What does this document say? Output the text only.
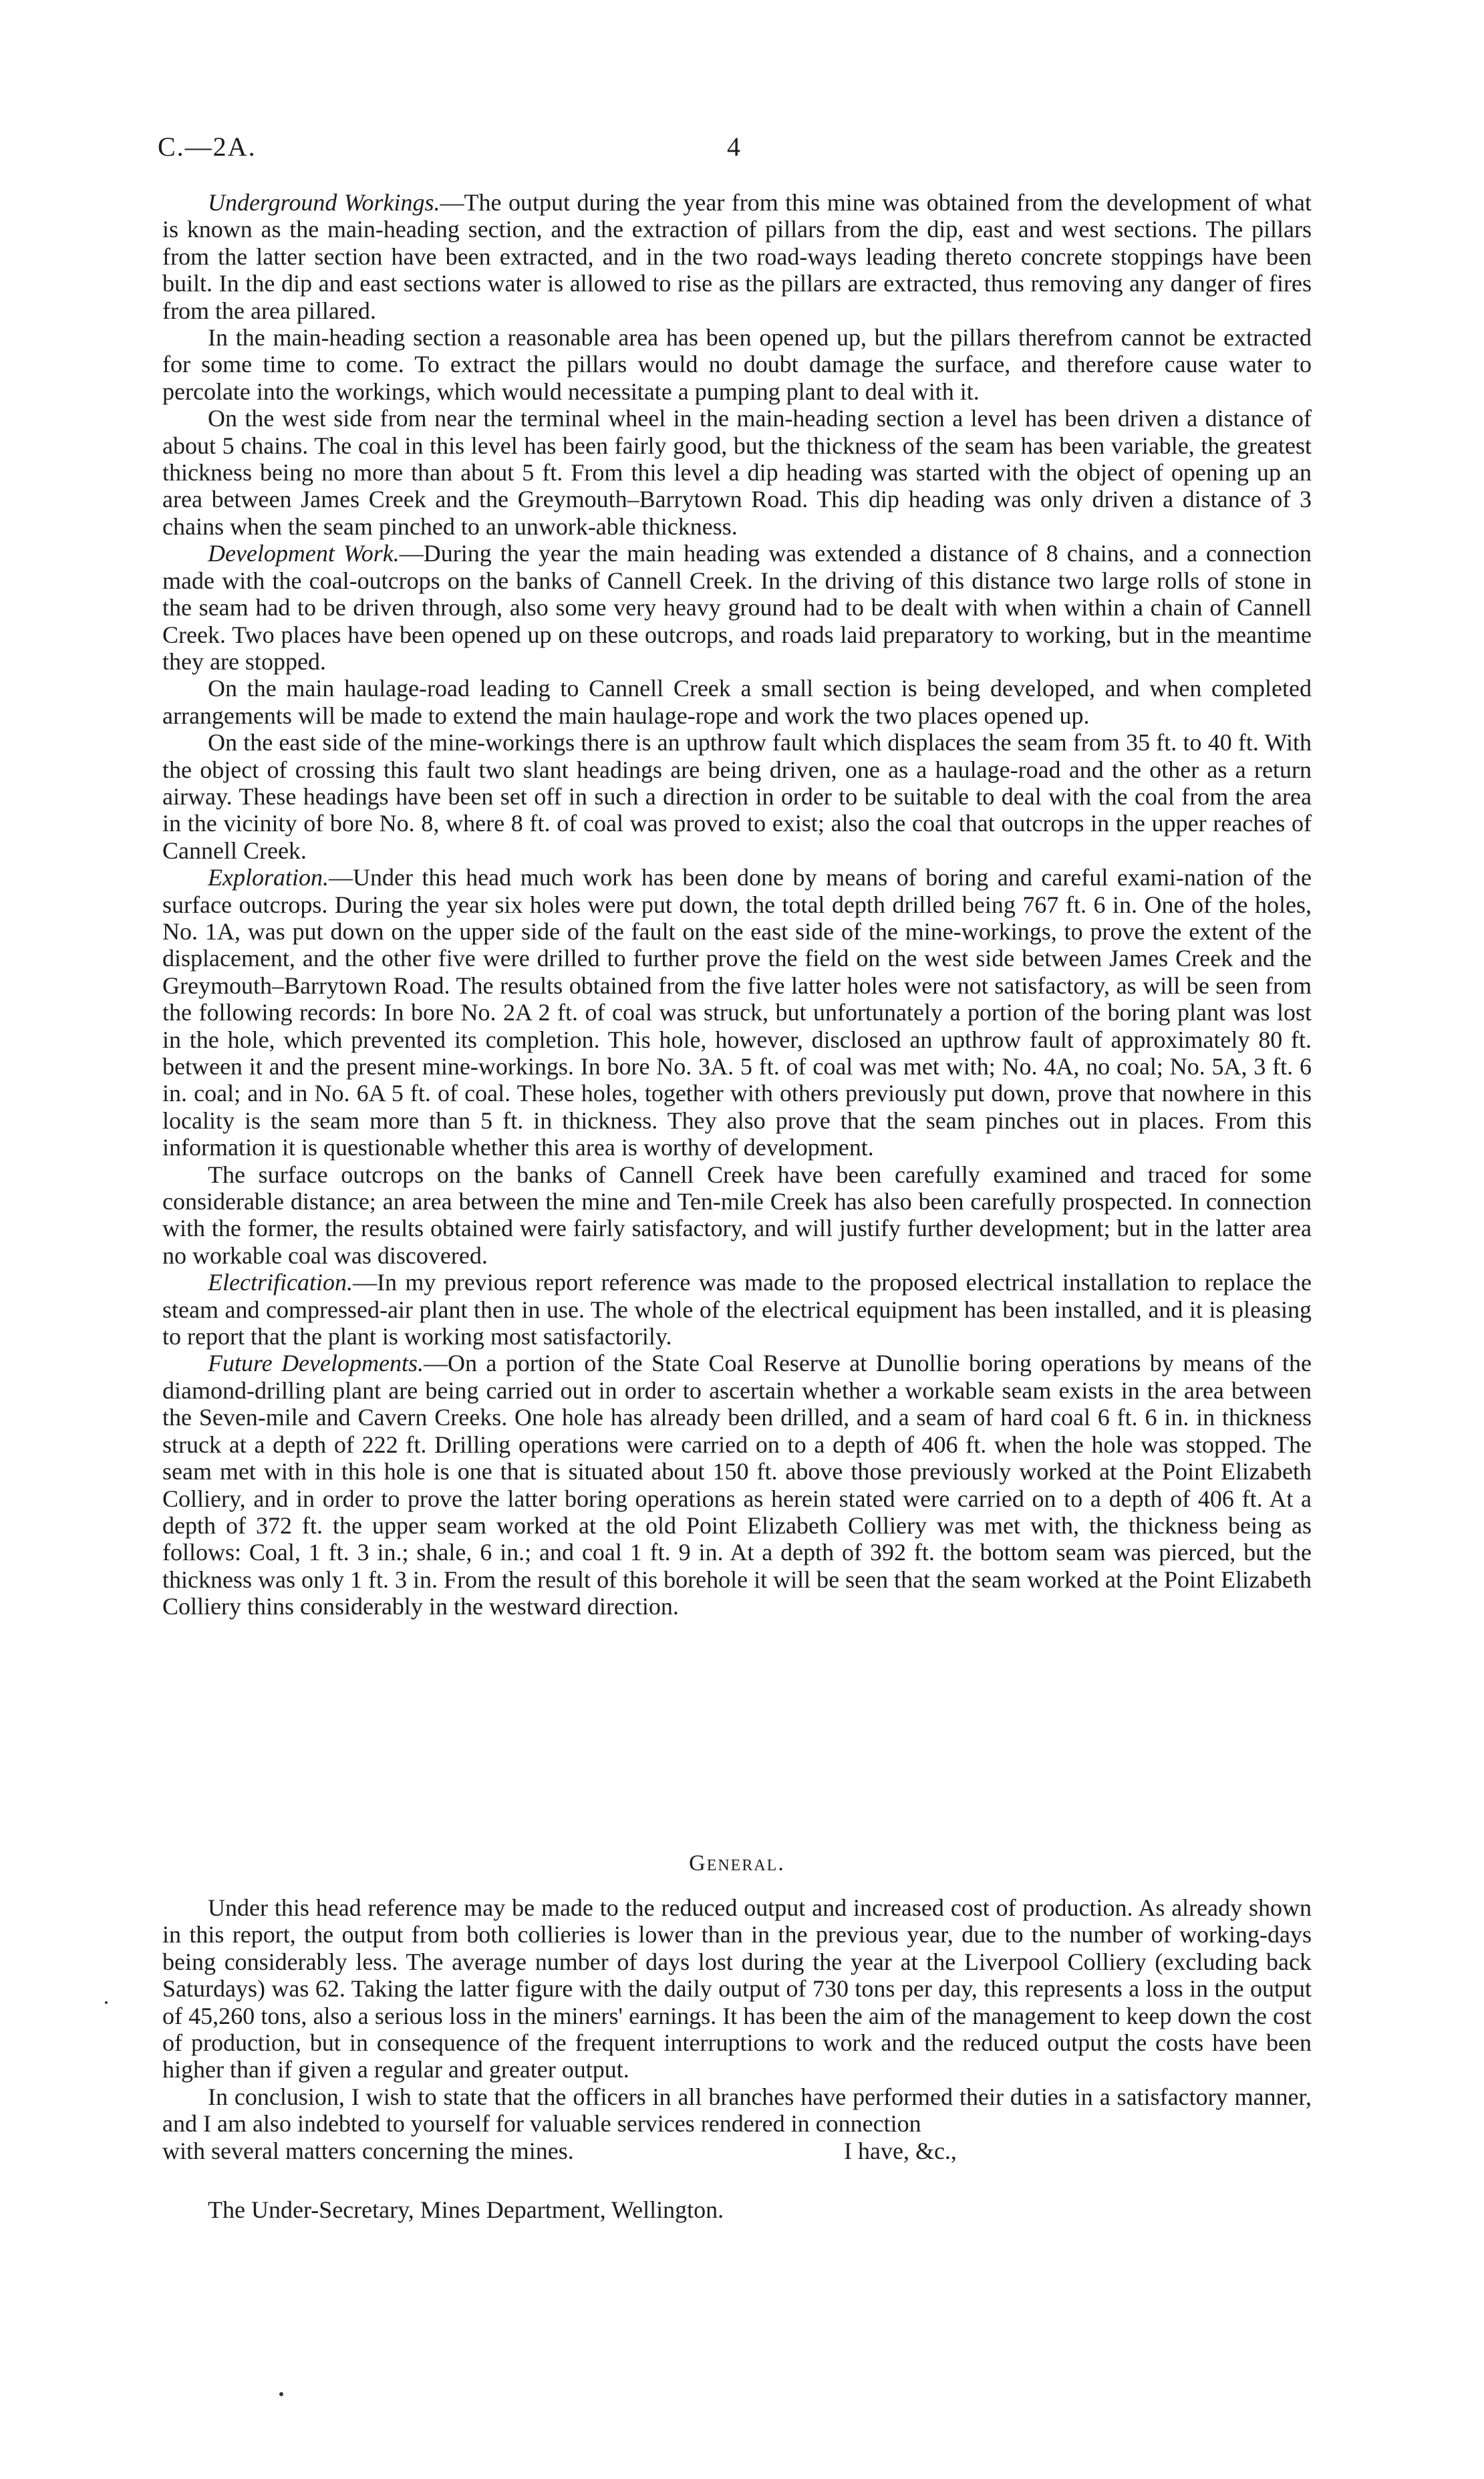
C.—2A.	4

Underground Workings.—The output during the year from this mine was obtained from the development of what is known as the main-heading section, and the extraction of pillars from the dip, east and west sections. The pillars from the latter section have been extracted, and in the two road-ways leading thereto concrete stoppings have been built. In the dip and east sections water is allowed to rise as the pillars are extracted, thus removing any danger of fires from the area pillared.

In the main-heading section a reasonable area has been opened up, but the pillars therefrom cannot be extracted for some time to come. To extract the pillars would no doubt damage the surface, and therefore cause water to percolate into the workings, which would necessitate a pumping plant to deal with it.

On the west side from near the terminal wheel in the main-heading section a level has been driven a distance of about 5 chains. The coal in this level has been fairly good, but the thickness of the seam has been variable, the greatest thickness being no more than about 5 ft. From this level a dip heading was started with the object of opening up an area between James Creek and the Greymouth–Barrytown Road. This dip heading was only driven a distance of 3 chains when the seam pinched to an unwork-able thickness.

Development Work.—During the year the main heading was extended a distance of 8 chains, and a connection made with the coal-outcrops on the banks of Cannell Creek. In the driving of this distance two large rolls of stone in the seam had to be driven through, also some very heavy ground had to be dealt with when within a chain of Cannell Creek. Two places have been opened up on these outcrops, and roads laid preparatory to working, but in the meantime they are stopped.

On the main haulage-road leading to Cannell Creek a small section is being developed, and when completed arrangements will be made to extend the main haulage-rope and work the two places opened up.

On the east side of the mine-workings there is an upthrow fault which displaces the seam from 35 ft. to 40 ft. With the object of crossing this fault two slant headings are being driven, one as a haulage-road and the other as a return airway. These headings have been set off in such a direction in order to be suitable to deal with the coal from the area in the vicinity of bore No. 8, where 8 ft. of coal was proved to exist; also the coal that outcrops in the upper reaches of Cannell Creek.

Exploration.—Under this head much work has been done by means of boring and careful exami-nation of the surface outcrops. During the year six holes were put down, the total depth drilled being 767 ft. 6 in. One of the holes, No. 1A, was put down on the upper side of the fault on the east side of the mine-workings, to prove the extent of the displacement, and the other five were drilled to further prove the field on the west side between James Creek and the Greymouth–Barrytown Road. The results obtained from the five latter holes were not satisfactory, as will be seen from the following records: In bore No. 2A 2 ft. of coal was struck, but unfortunately a portion of the boring plant was lost in the hole, which prevented its completion. This hole, however, disclosed an upthrow fault of approximately 80 ft. between it and the present mine-workings. In bore No. 3A. 5 ft. of coal was met with; No. 4A, no coal; No. 5A, 3 ft. 6 in. coal; and in No. 6A 5 ft. of coal. These holes, together with others previously put down, prove that nowhere in this locality is the seam more than 5 ft. in thickness. They also prove that the seam pinches out in places. From this information it is questionable whether this area is worthy of development.

The surface outcrops on the banks of Cannell Creek have been carefully examined and traced for some considerable distance; an area between the mine and Ten-mile Creek has also been carefully prospected. In connection with the former, the results obtained were fairly satisfactory, and will justify further development; but in the latter area no workable coal was discovered.

Electrification.—In my previous report reference was made to the proposed electrical installation to replace the steam and compressed-air plant then in use. The whole of the electrical equipment has been installed, and it is pleasing to report that the plant is working most satisfactorily.

Future Developments.—On a portion of the State Coal Reserve at Dunollie boring operations by means of the diamond-drilling plant are being carried out in order to ascertain whether a workable seam exists in the area between the Seven-mile and Cavern Creeks. One hole has already been drilled, and a seam of hard coal 6 ft. 6 in. in thickness struck at a depth of 222 ft. Drilling operations were carried on to a depth of 406 ft. when the hole was stopped. The seam met with in this hole is one that is situated about 150 ft. above those previously worked at the Point Elizabeth Colliery, and in order to prove the latter boring operations as herein stated were carried on to a depth of 406 ft. At a depth of 372 ft. the upper seam worked at the old Point Elizabeth Colliery was met with, the thickness being as follows: Coal, 1 ft. 3 in.; shale, 6 in.; and coal 1 ft. 9 in. At a depth of 392 ft. the bottom seam was pierced, but the thickness was only 1 ft. 3 in. From the result of this borehole it will be seen that the seam worked at the Point Elizabeth Colliery thins considerably in the westward direction.

General.

Under this head reference may be made to the reduced output and increased cost of production. As already shown in this report, the output from both collieries is lower than in the previous year, due to the number of working-days being considerably less. The average number of days lost during the year at the Liverpool Colliery (excluding back Saturdays) was 62. Taking the latter figure with the daily output of 730 tons per day, this represents a loss in the output of 45,260 tons, also a serious loss in the miners' earnings. It has been the aim of the management to keep down the cost of production, but in consequence of the frequent interruptions to work and the reduced output the costs have been higher than if given a regular and greater output.

In conclusion, I wish to state that the officers in all branches have performed their duties in a satisfactory manner, and I am also indebted to yourself for valuable services rendered in connection

with several matters concerning the mines.	I have, &c.,
The Under-Secretary, Mines Department, Wellington.
